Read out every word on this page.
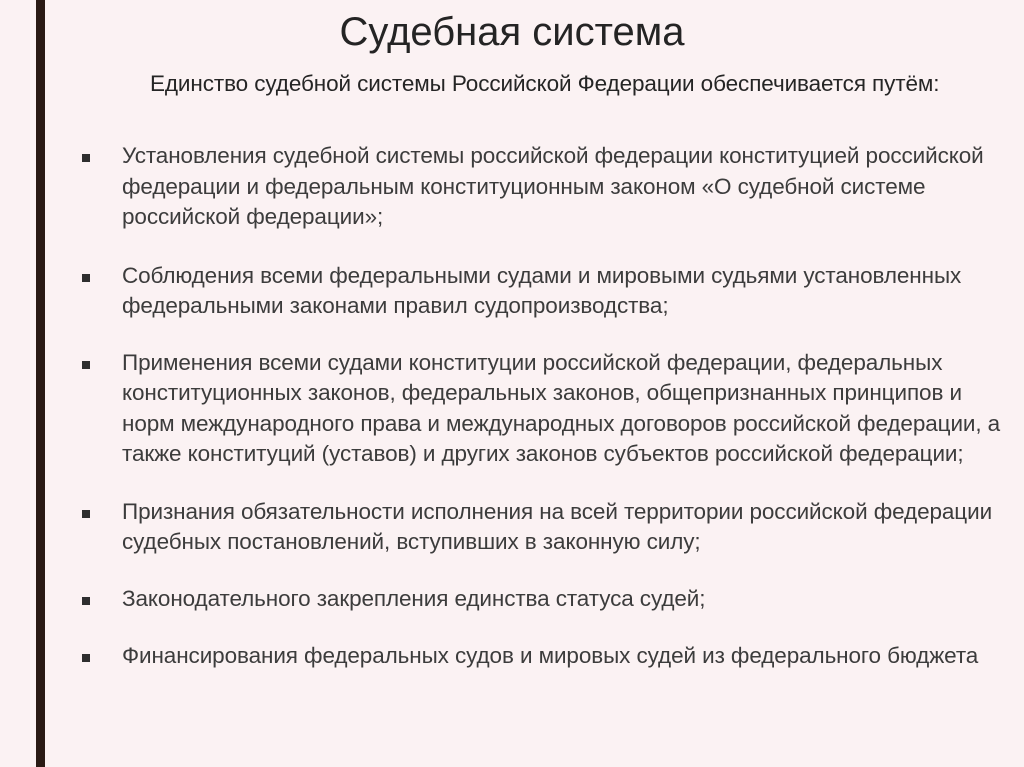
Судебная система
Единство судебной системы Российской Федерации обеспечивается путём:
Установления судебной системы российской федерации конституцией российской федерации и федеральным конституционным законом «О судебной системе российской федерации»;
Соблюдения всеми федеральными судами и мировыми судьями установленных федеральными законами правил судопроизводства;
Применения всеми судами конституции российской федерации, федеральных конституционных законов, федеральных законов, общепризнанных принципов и норм международного права и международных договоров российской федерации, а также конституций (уставов) и других законов субъектов российской федерации;
Признания обязательности исполнения на всей территории российской федерации судебных постановлений, вступивших в законную силу;
Законодательного закрепления единства статуса судей;
Финансирования федеральных судов и мировых судей из федерального бюджета
